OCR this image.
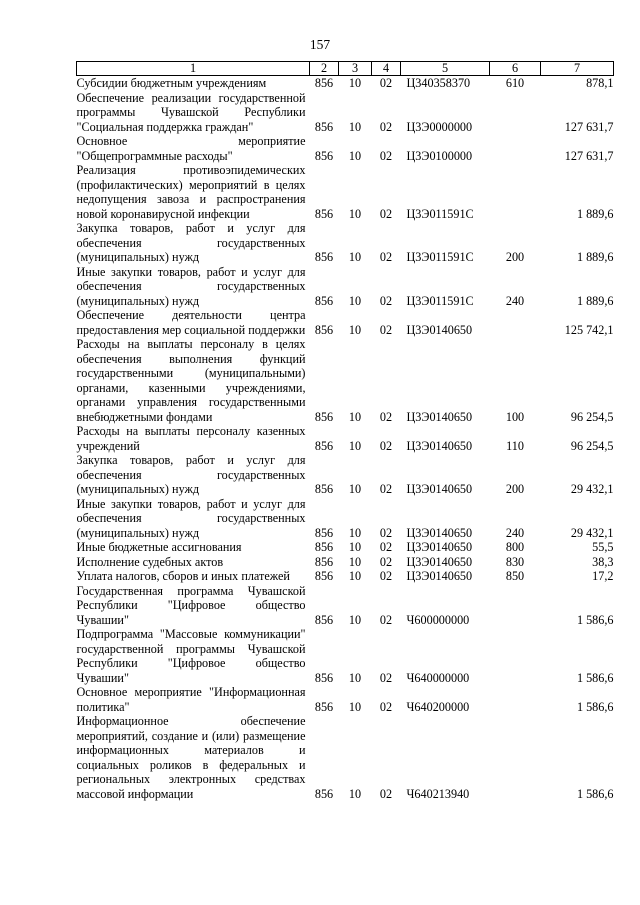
157
1	2	3	4	5	6	7
Субсидии бюджетным учреждениям	856	10	02	Ц340358370	610	878,1
Обеспечение реализации государственной программы Чувашской Республики "Социальная поддержка граждан"	856	10	02	Ц3Э0000000		127 631,7
Основное мероприятие "Общепрограммные расходы"	856	10	02	Ц3Э0100000		127 631,7
Реализация противоэпидемических (профилактических) мероприятий в целях недопущения завоза и распространения новой коронавирусной инфекции	856	10	02	Ц3Э011591С		1 889,6
Закупка товаров, работ и услуг для обеспечения государственных (муниципальных) нужд	856	10	02	Ц3Э011591С	200	1 889,6
Иные закупки товаров, работ и услуг для обеспечения государственных (муниципальных) нужд	856	10	02	Ц3Э011591С	240	1 889,6
Обеспечение деятельности центра предоставления мер социальной поддержки	856	10	02	Ц3Э0140650		125 742,1
Расходы на выплаты персоналу в целях обеспечения выполнения функций государственными (муниципальными) органами, казенными учреждениями, органами управления государственными внебюджетными фондами	856	10	02	Ц3Э0140650	100	96 254,5
Расходы на выплаты персоналу казенных учреждений	856	10	02	Ц3Э0140650	110	96 254,5
Закупка товаров, работ и услуг для обеспечения государственных (муниципальных) нужд	856	10	02	Ц3Э0140650	200	29 432,1
Иные закупки товаров, работ и услуг для обеспечения государственных (муниципальных) нужд	856	10	02	Ц3Э0140650	240	29 432,1
Иные бюджетные ассигнования	856	10	02	Ц3Э0140650	800	55,5
Исполнение судебных актов	856	10	02	Ц3Э0140650	830	38,3
Уплата налогов, сборов и иных платежей	856	10	02	Ц3Э0140650	850	17,2
Государственная программа Чувашской Республики "Цифровое общество Чувашии"	856	10	02	Ч600000000		1 586,6
Подпрограмма "Массовые коммуникации" государственной программы Чувашской Республики "Цифровое общество Чувашии"	856	10	02	Ч640000000		1 586,6
Основное мероприятие "Информационная политика"	856	10	02	Ч640200000		1 586,6
Информационное обеспечение мероприятий, создание и (или) размещение информационных материалов и социальных роликов в федеральных и региональных электронных средствах массовой информации	856	10	02	Ч640213940		1 586,6
